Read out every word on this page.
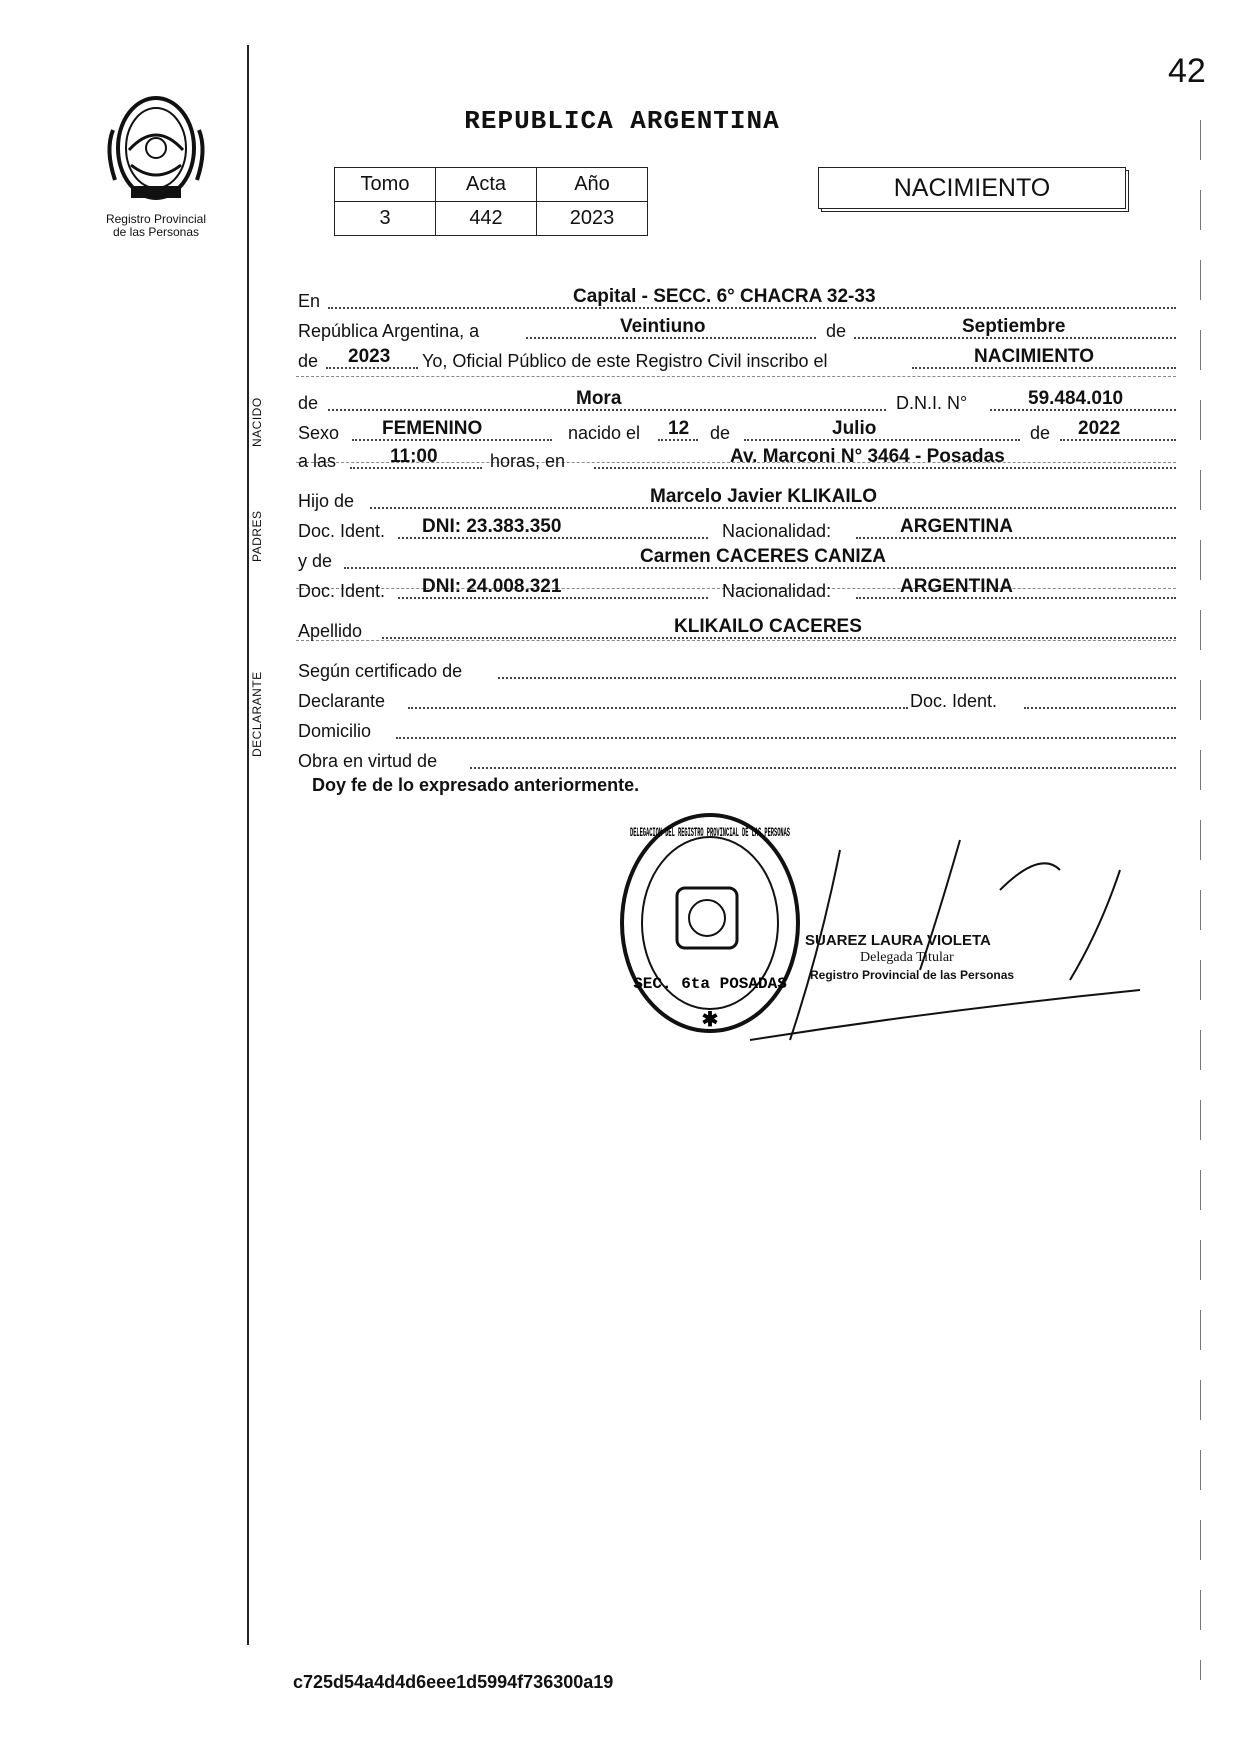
42
Registro Provincial
de las Personas
REPUBLICA ARGENTINA
Tomo	Acta	Año
3	442	2023
NACIMIENTO
NACIDO
PADRES
DECLARANTE
En	Capital - SECC. 6° CHACRA 32-33
República Argentina, a	Veintiuno	de	Septiembre
de 2023 Yo, Oficial Público de este Registro Civil inscribo el	NACIMIENTO
de	Mora	D.N.I. N°	59.484.010
Sexo FEMENINO	nacido el 12 de	Julio	de 2022
a las	11:00	horas, en	Av. Marconi N° 3464 - Posadas
Hijo de	Marcelo Javier KLIKAILO
Doc. Ident. DNI: 23.383.350	Nacionalidad:	ARGENTINA
y de	Carmen CACERES CANIZA
Doc. Ident. DNI: 24.008.321	Nacionalidad:	ARGENTINA
Apellido	KLIKAILO CACERES
Según certificado de
Declarante	Doc. Ident.
Domicilio
Obra en virtud de
Doy fe de lo expresado anteriormente.
DELEGACION DEL REGISTRO PROVINCIAL DE LAS PERSONAS
SEC. 6ta POSADAS
✱
SUAREZ LAURA VIOLETA
Delegada Titular
Registro Provincial de las Personas
c725d54a4d4d6eee1d5994f736300a19
